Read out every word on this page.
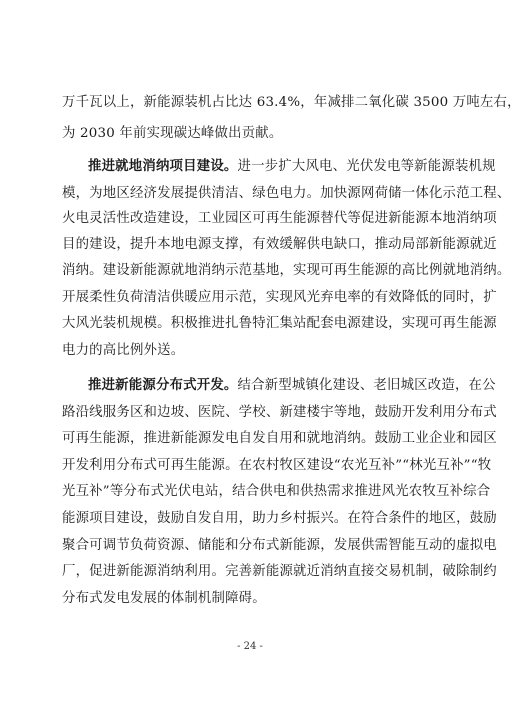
万千瓦以上，新能源装机占比达 63.4%，年减排二氧化碳 3500 万吨左右，
为 2030 年前实现碳达峰做出贡献。
推进就地消纳项目建设。进一步扩大风电、光伏发电等新能源装机规
模，为地区经济发展提供清洁、绿色电力。加快源网荷储一体化示范工程、
火电灵活性改造建设，工业园区可再生能源替代等促进新能源本地消纳项
目的建设，提升本地电源支撑，有效缓解供电缺口，推动局部新能源就近
消纳。建设新能源就地消纳示范基地，实现可再生能源的高比例就地消纳。
开展柔性负荷清洁供暖应用示范，实现风光弃电率的有效降低的同时，扩
大风光装机规模。积极推进扎鲁特汇集站配套电源建设，实现可再生能源
电力的高比例外送。
推进新能源分布式开发。结合新型城镇化建设、老旧城区改造，在公
路沿线服务区和边坡、医院、学校、新建楼宇等地，鼓励开发利用分布式
可再生能源，推进新能源发电自发自用和就地消纳。鼓励工业企业和园区
开发利用分布式可再生能源。在农村牧区建设“农光互补”“林光互补”“牧
光互补”等分布式光伏电站，结合供电和供热需求推进风光农牧互补综合
能源项目建设，鼓励自发自用，助力乡村振兴。在符合条件的地区，鼓励
聚合可调节负荷资源、储能和分布式新能源，发展供需智能互动的虚拟电
厂，促进新能源消纳利用。完善新能源就近消纳直接交易机制，破除制约
分布式发电发展的体制机制障碍。
- 24 -
